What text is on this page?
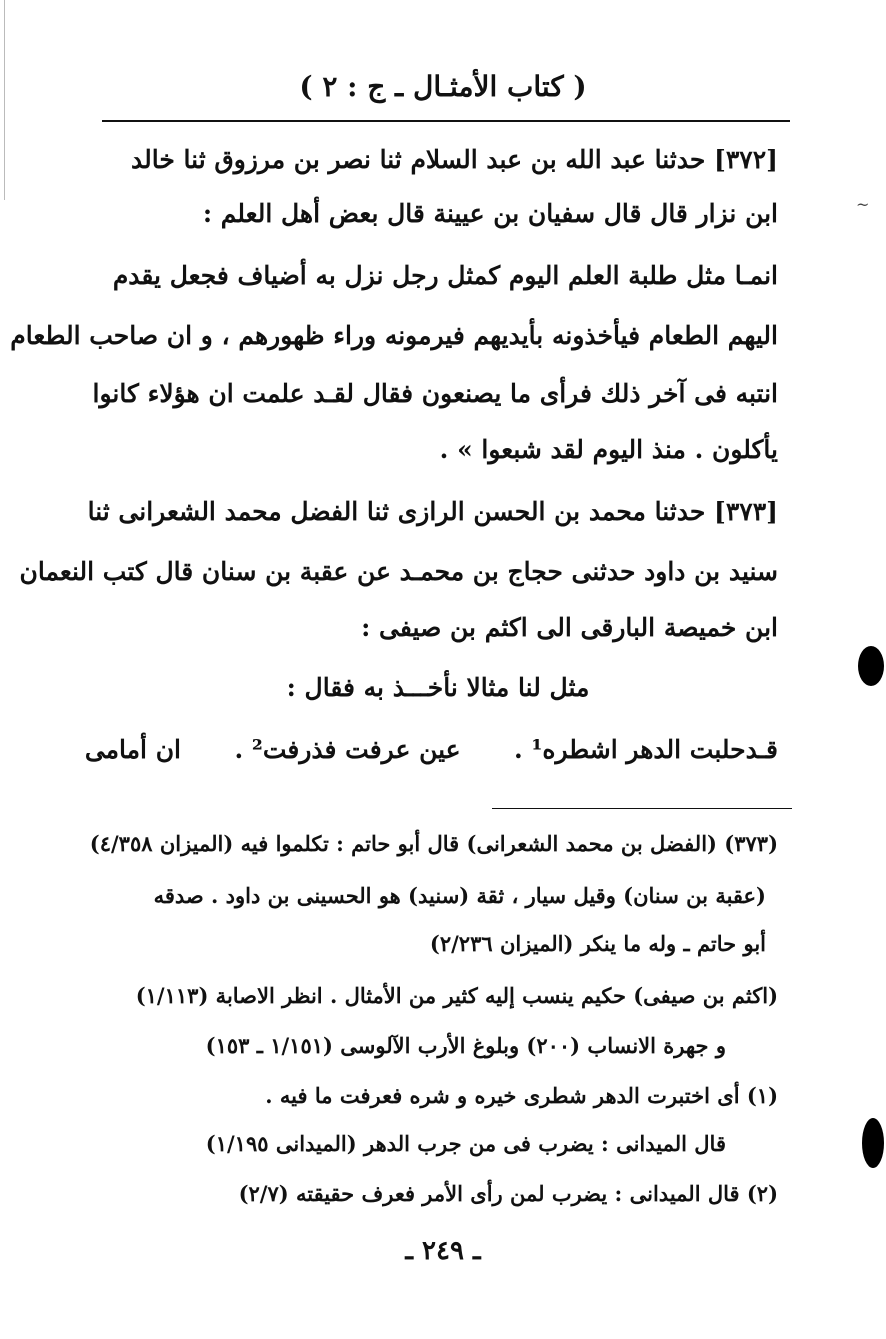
~
( كتاب الأمثـال ـ ج : ٢ )
[٣٧٢] حدثنا عبد الله بن عبد السلام ثنا نصر بن مرزوق ثنا خالد
ابن نزار قال قال سفيان بن عيينة قال بعض أهل العلم :
انمـا مثل طلبة العلم اليوم كمثل رجل نزل به أضياف فجعل يقدم
اليهم الطعام فيأخذونه بأيديهم فيرمونه وراء ظهورهم ، و ان صاحب الطعام
انتبه فى آخر ذلك فرأى ما يصنعون فقال لقـد علمت ان هؤلاء كانوا
يأكلون . منذ اليوم لقد شبعوا » .
[٣٧٣] حدثنا محمد بن الحسن الرازى ثنا الفضل محمد الشعرانى ثنا
سنيد بن داود حدثنى حجاج بن محمـد عن عقبة بن سنان قال كتب النعمان
ابن خميصة البارقى الى اكثم بن صيفى :
مثل لنا مثالا نأخـــذ به فقال :
قـدحلبت الدهر اشطره¹ .  عين عرفت فذرفت² .  ان أمامى
(٣٧٣) (الفضل بن محمد الشعرانى) قال أبو حاتم : تكلموا فيه (الميزان ٤/٣٥٨)
(عقبة بن سنان) وقيل سيار ، ثقة (سنيد) هو الحسينى بن داود . صدقه
أبو حاتم ـ وله ما ينكر (الميزان ٢/٢٣٦)
(اكثم بن صيفى) حكيم ينسب إليه كثير من الأمثال . انظر الاصابة (١/١١٣)
و جهرة الانساب (٢٠٠) وبلوغ الأرب الآلوسى (١/١٥١ ـ ١٥٣)
(١) أى اختبرت الدهر شطرى خيره و شره فعرفت ما فيه .
قال الميدانى : يضرب فى من جرب الدهر (الميدانى ١/١٩٥)
(٢) قال الميدانى : يضرب لمن رأى الأمر فعرف حقيقته (٢/٧)
ـ ٢٤٩ ـ
